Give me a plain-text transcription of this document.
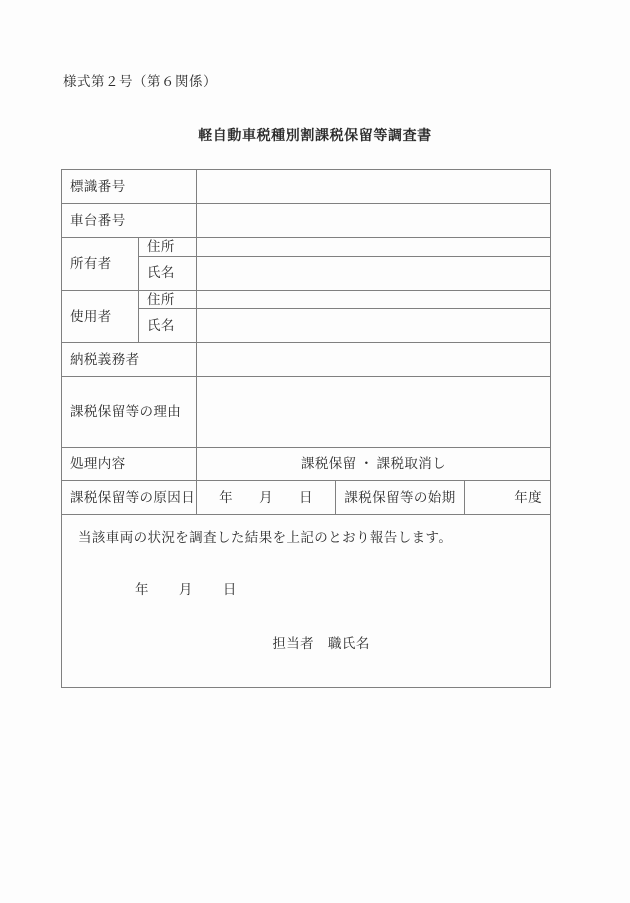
様式第２号（第６関係）
軽自動車税種別割課税保留等調査書
標識番号				
車台番号				
所有者	住所			
	氏名			
使用者	住所			
	氏名			
納税義務者				
課税保留等の理由				
処理内容		課税保留 ・ 課税取消し		
課税保留等の原因日		年 月 日	課税保留等の始期	年度

当該車両の状況を調査した結果を上記のとおり報告します。
年 月 日
担当者 職氏名				
